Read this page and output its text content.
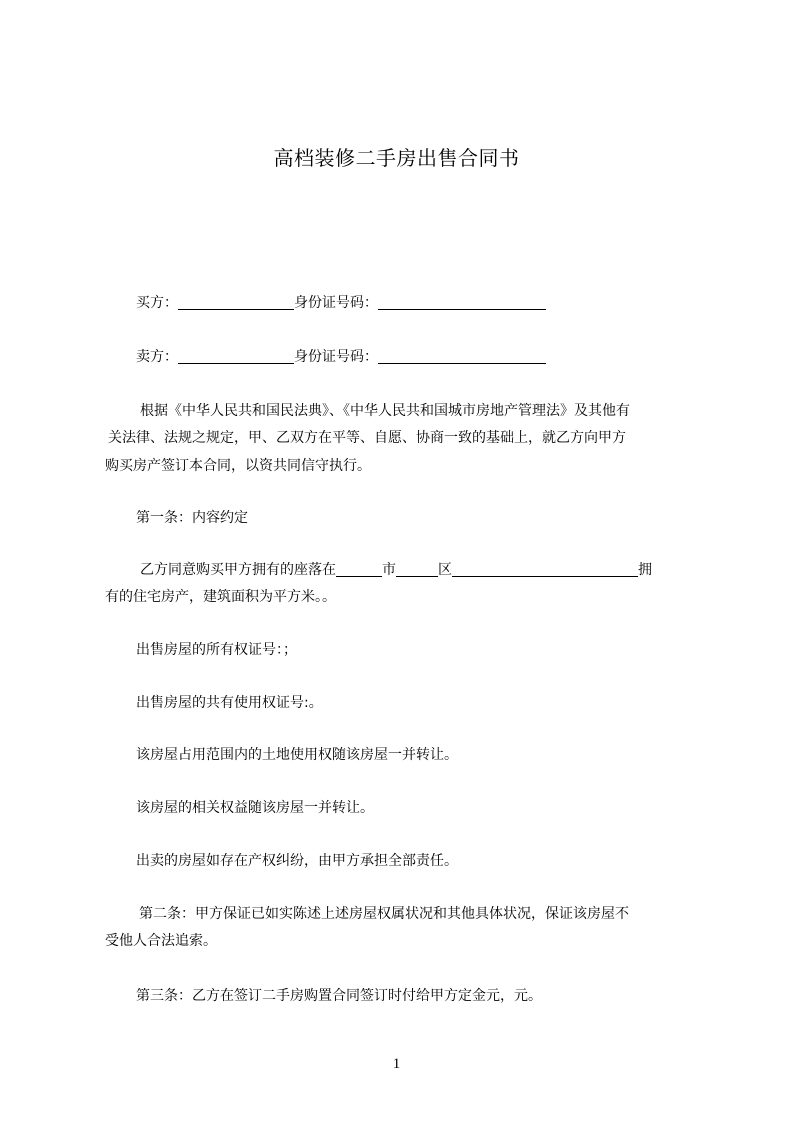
高档装修二手房出售合同书
买方：	身份证号码：
卖方：	身份证号码：
根据《中华人民共和国民法典》、《中华人民共和国城市房地产管理法》及其他有
关法律、法规之规定，甲、乙双方在平等、自愿、协商一致的基础上，就乙方向甲方
购买房产签订本合同，以资共同信守执行。
第一条：内容约定
乙方同意购买甲方拥有的座落在	市	区	拥
有的住宅房产，建筑面积为平方米。。
出售房屋的所有权证号：；
出售房屋的共有使用权证号:。
该房屋占用范围内的土地使用权随该房屋一并转让。
该房屋的相关权益随该房屋一并转让。
出卖的房屋如存在产权纠纷，由甲方承担全部责任。
第二条：甲方保证已如实陈述上述房屋权属状况和其他具体状况，保证该房屋不
受他人合法追索。
第三条：乙方在签订二手房购置合同签订时付给甲方定金元，元。
1
